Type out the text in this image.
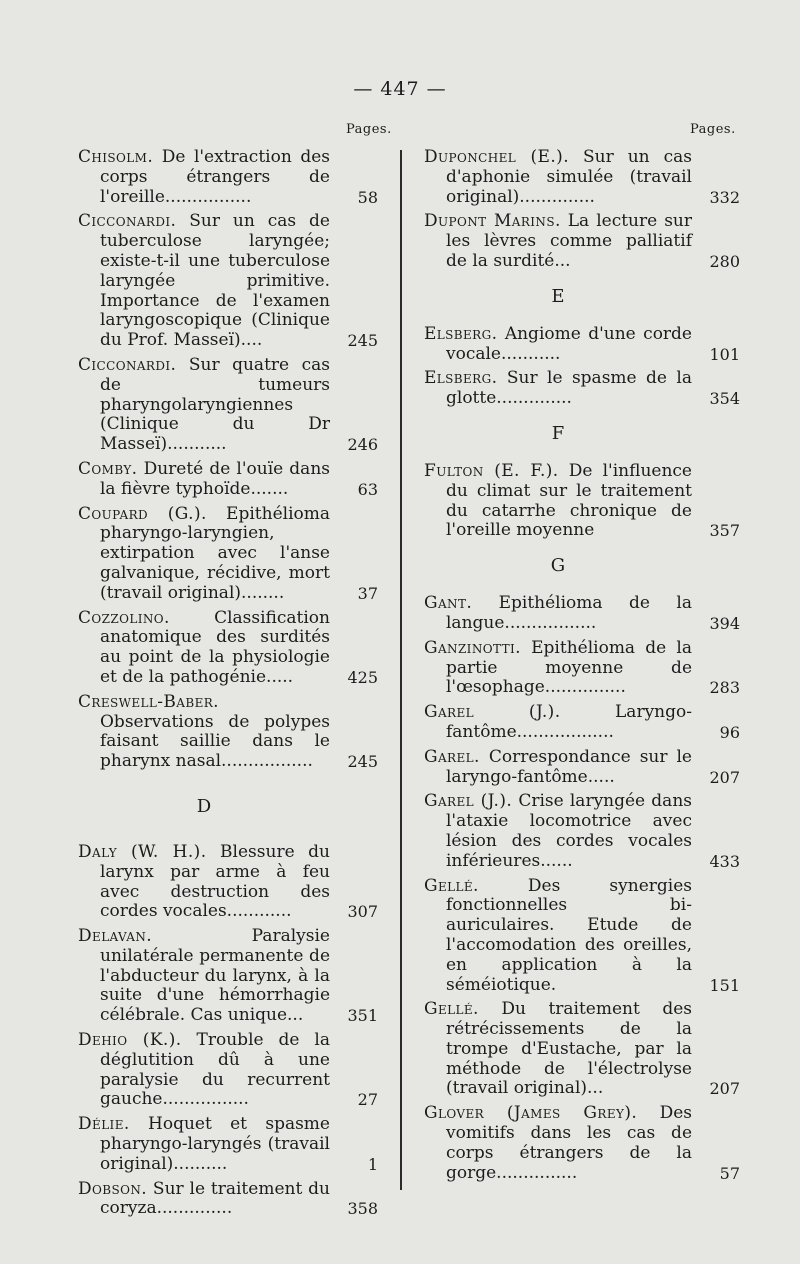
— 447 —
Pages.	Pages.
Chisolm. De l'extraction des corps étrangers de l'oreille................	58
Cicconardi. Sur un cas de tuberculose laryngée; existe-t-il une tuberculose laryngée primitive. Importance de l'examen laryngoscopique (Clinique du Prof. Masseï)....	245
Cicconardi. Sur quatre cas de tumeurs pharyngolaryngiennes (Clinique du Dr Masseï)...........	246
Comby. Dureté de l'ouïe dans la fièvre typhoïde.......	63
Coupard (G.). Epithélioma pharyngo-laryngien, extirpation avec l'anse galvanique, récidive, mort (travail original)........	37
Cozzolino. Classification anatomique des surdités au point de la physiologie et de la pathogénie.....	425
Creswell-Baber. Observations de polypes faisant saillie dans le pharynx nasal.................	245
D
Daly (W. H.). Blessure du larynx par arme à feu avec destruction des cordes vocales............	307
Delavan. Paralysie unilatérale permanente de l'abducteur du larynx, à la suite d'une hémorrhagie célébrale. Cas unique...	351
Dehio (K.). Trouble de la déglutition dû à une paralysie du recurrent gauche................	27
Délie. Hoquet et spasme pharyngo-laryngés (travail original)..........	1
Dobson. Sur le traitement du coryza..............	358
Duponchel (E.). Sur un cas d'aphonie simulée (travail original)..............	332
Dupont Marins. La lecture sur les lèvres comme palliatif de la surdité...	280
E
Elsberg. Angiome d'une corde vocale...........	101
Elsberg. Sur le spasme de la glotte..............	354
F
Fulton (E. F.). De l'influence du climat sur le traitement du catarrhe chronique de l'oreille moyenne	357
G
Gant. Epithélioma de la langue.................	394
Ganzinotti. Epithélioma de la partie moyenne de l'œsophage...............	283
Garel (J.). Laryngo-fantôme..................	96
Garel. Correspondance sur le laryngo-fantôme.....	207
Garel (J.). Crise laryngée dans l'ataxie locomotrice avec lésion des cordes vocales inférieures......	433
Gellé. Des synergies fonctionnelles bi-auriculaires. Etude de l'accomodation des oreilles, en application à la séméiotique.	151
Gellé. Du traitement des rétrécissements de la trompe d'Eustache, par la méthode de l'électrolyse (travail original)...	207
Glover (James Grey). Des vomitifs dans les cas de corps étrangers de la gorge...............	57
